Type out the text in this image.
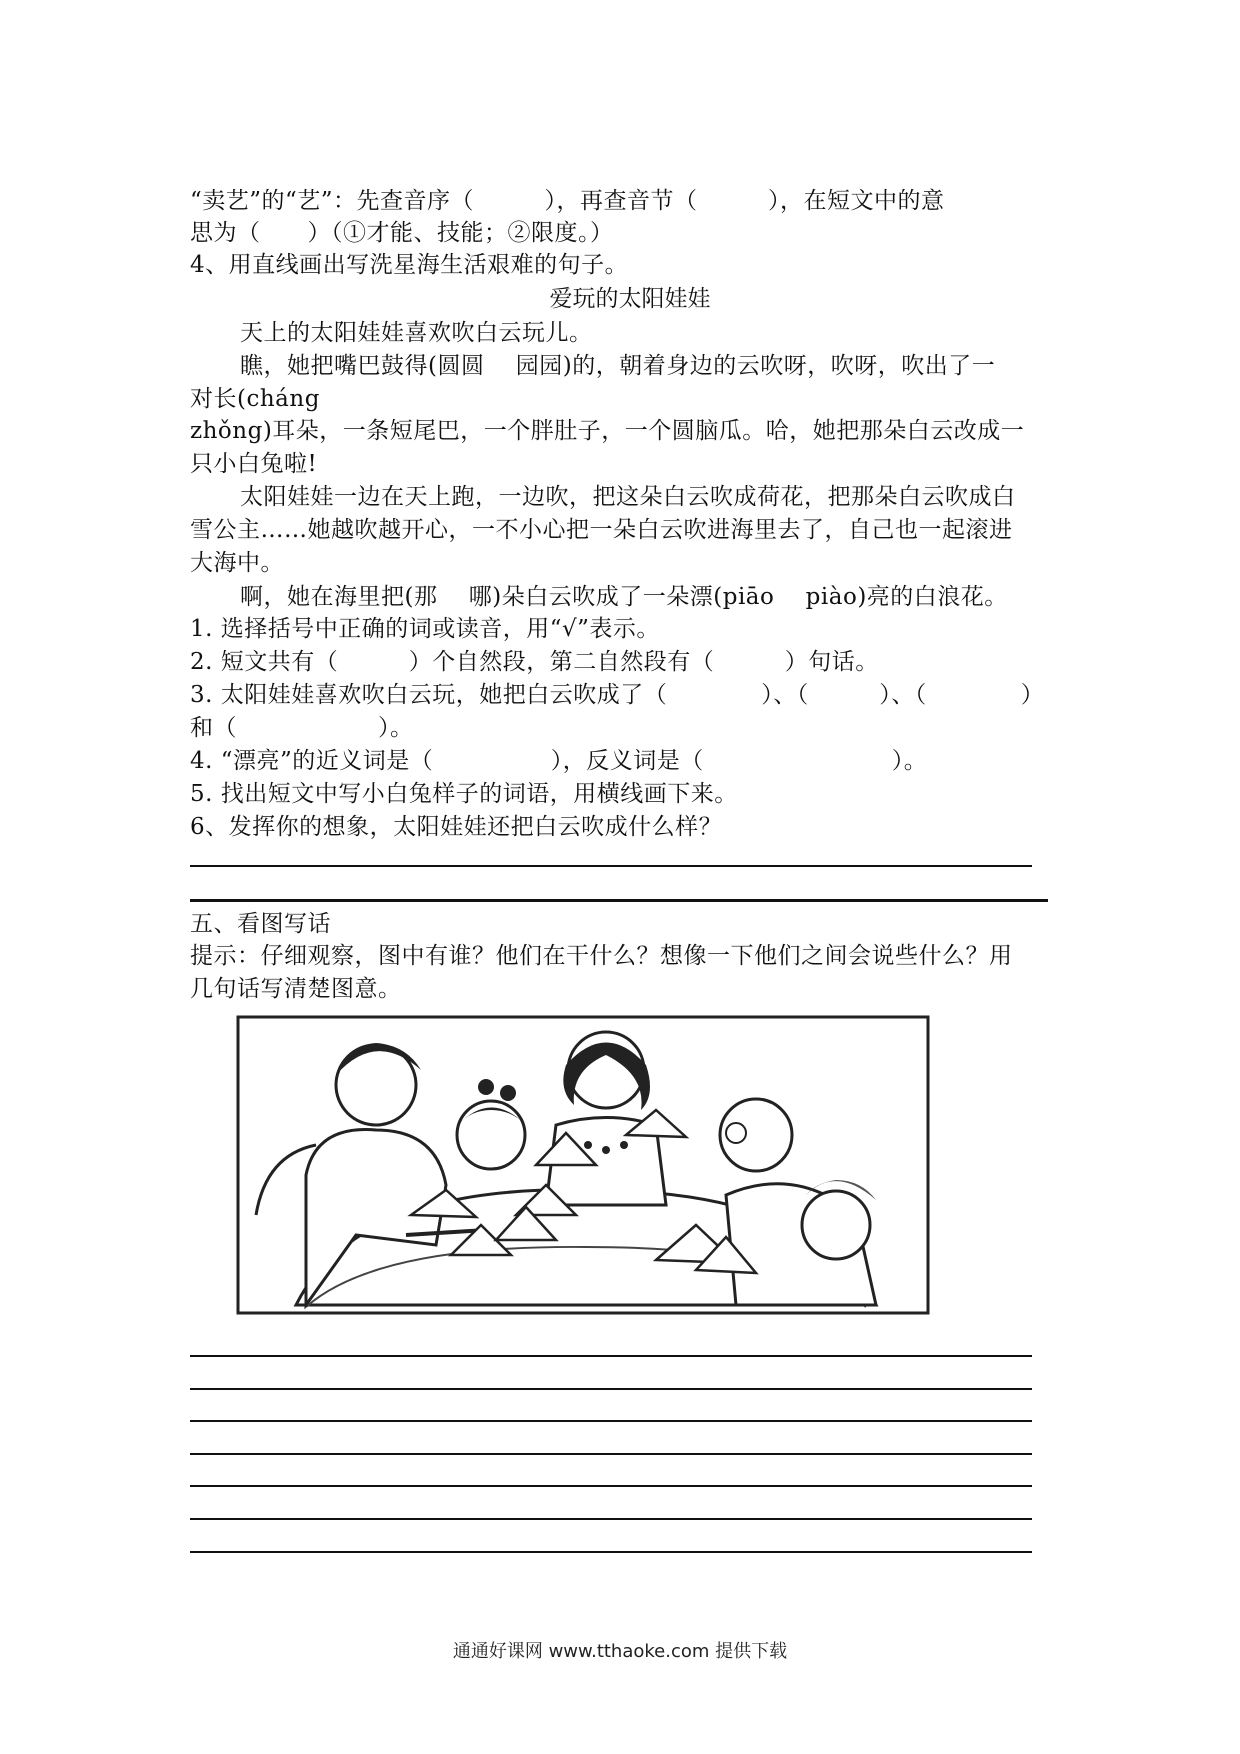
“卖艺”的“艺”：先查音序（　　　），再查音节（　　　），在短文中的意
思为（　　）（①才能、技能；②限度。）
4、用直线画出写洗星海生活艰难的句子。
爱玩的太阳娃娃
天上的太阳娃娃喜欢吹白云玩儿。
瞧，她把嘴巴鼓得(圆圆　 园园)的，朝着身边的云吹呀，吹呀，吹出了一
对长(cháng
zhǒng)耳朵，一条短尾巴，一个胖肚子，一个圆脑瓜。哈，她把那朵白云改成一
只小白兔啦!
太阳娃娃一边在天上跑，一边吹，把这朵白云吹成荷花，把那朵白云吹成白
雪公主……她越吹越开心，一不小心把一朵白云吹进海里去了，自己也一起滚进
大海中。
啊，她在海里把(那　 哪)朵白云吹成了一朵漂(piāo　 piào)亮的白浪花。
1. 选择括号中正确的词或读音，用“√”表示。
2. 短文共有（　　　）个自然段，第二自然段有（　　　）句话。
3. 太阳娃娃喜欢吹白云玩，她把白云吹成了（　　　　）、（　　　）、（　　　　）
和（　　　　　　）。
4. “漂亮”的近义词是（　　　　　），反义词是（　　　　　　　　）。
5. 找出短文中写小白兔样子的词语，用横线画下来。
6、发挥你的想象，太阳娃娃还把白云吹成什么样？
五、看图写话
提示：仔细观察，图中有谁？他们在干什么？想像一下他们之间会说些什么？用
几句话写清楚图意。
通通好课网 www.tthaoke.com 提供下载
